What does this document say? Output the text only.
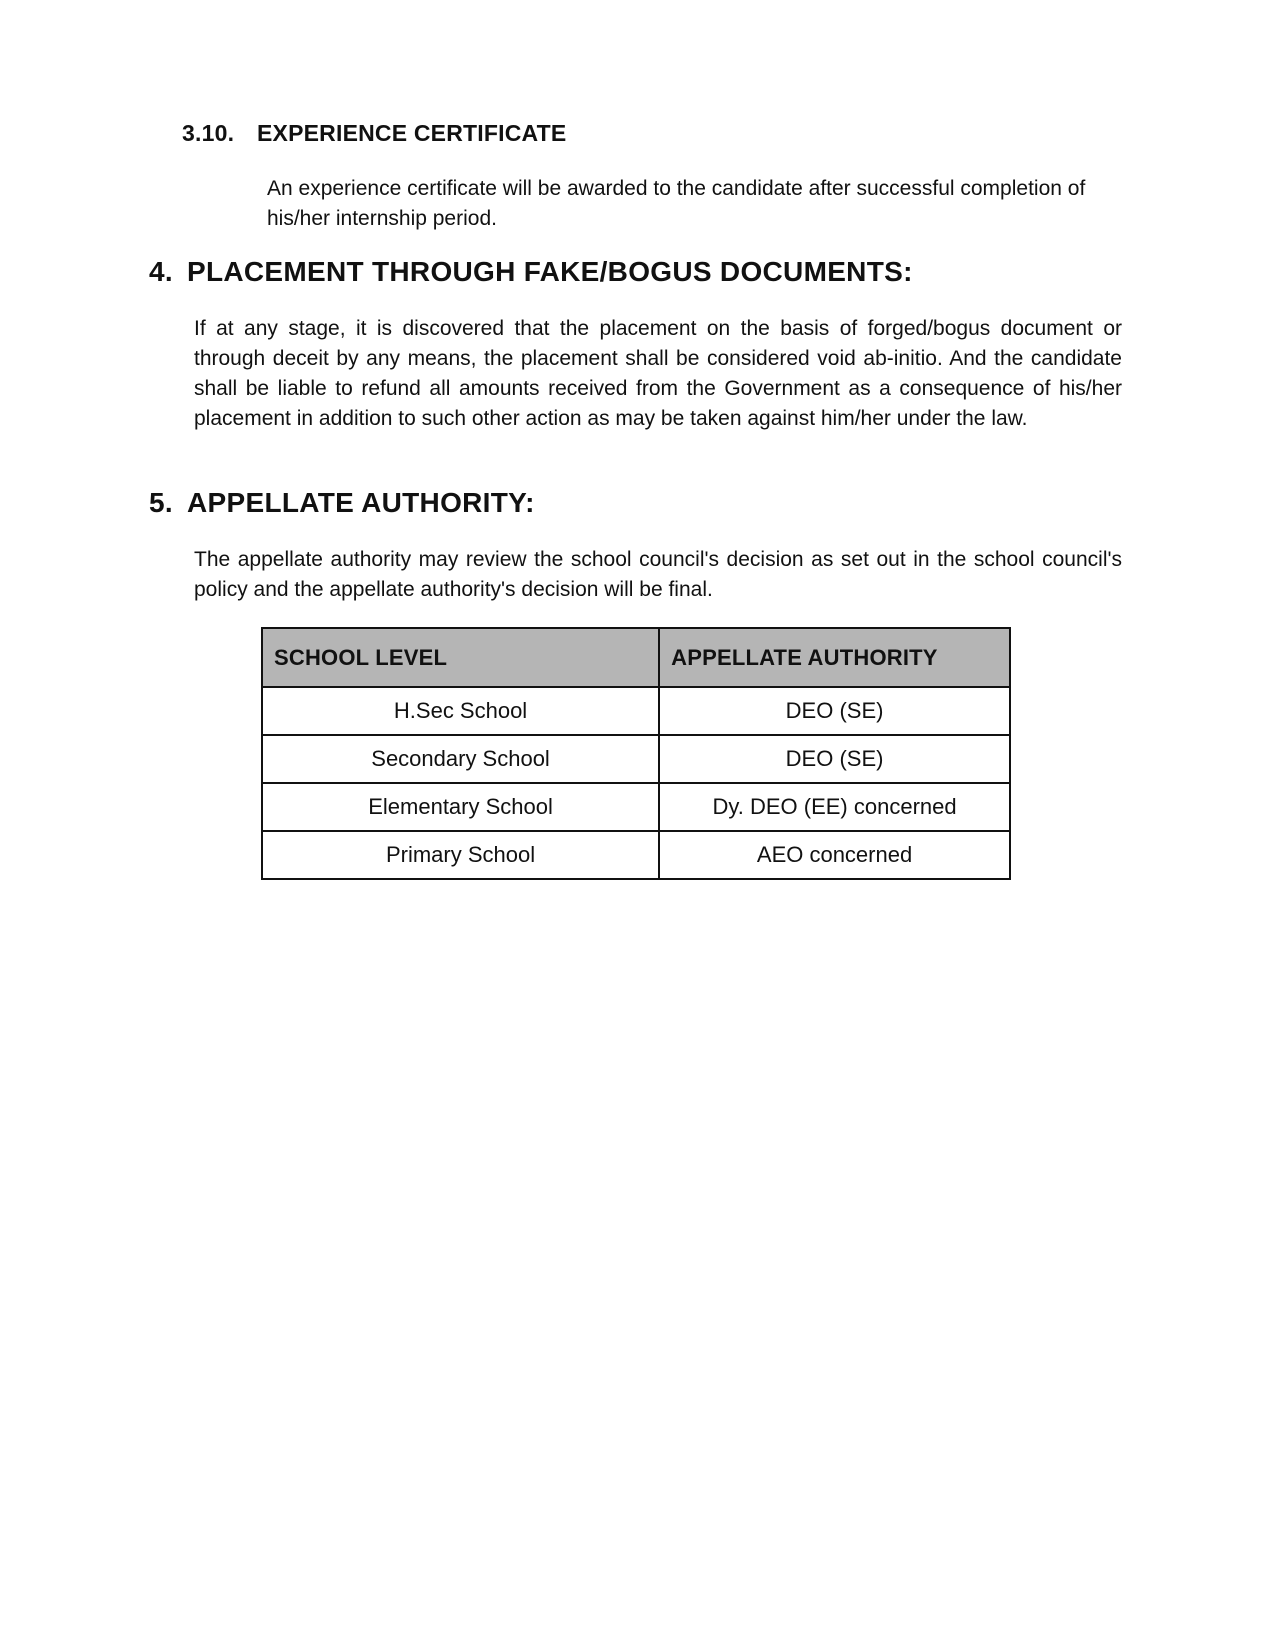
3.10. EXPERIENCE CERTIFICATE
An experience certificate will be awarded to the candidate after successful completion of his/her internship period.
4. PLACEMENT THROUGH FAKE/BOGUS DOCUMENTS:
If at any stage, it is discovered that the placement on the basis of forged/bogus document or through deceit by any means, the placement shall be considered void ab-initio. And the candidate shall be liable to refund all amounts received from the Government as a consequence of his/her placement in addition to such other action as may be taken against him/her under the law.
5. APPELLATE AUTHORITY:
The appellate authority may review the school council's decision as set out in the school council's policy and the appellate authority's decision will be final.
SCHOOL LEVEL	APPELLATE AUTHORITY
H.Sec School	DEO (SE)
Secondary School	DEO (SE)
Elementary School	Dy. DEO (EE) concerned
Primary School	AEO concerned
